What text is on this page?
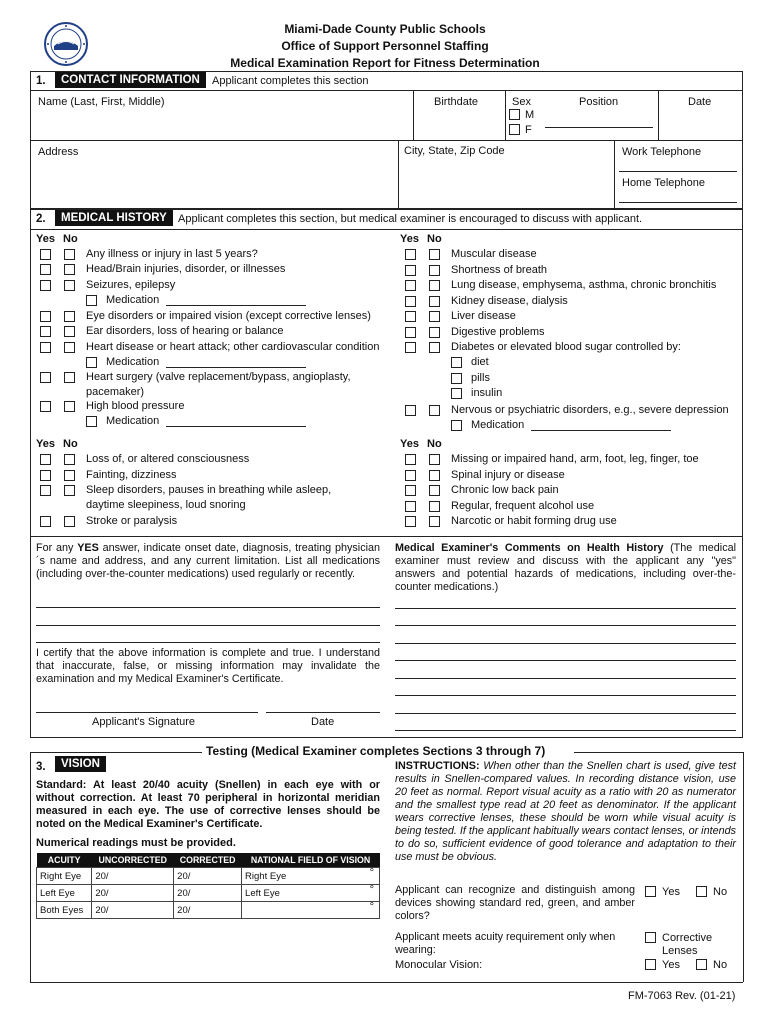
Miami-Dade County Public Schools
Office of Support Personnel Staffing
Medical Examination Report for Fitness Determination
1.	CONTACT INFORMATION	Applicant completes this section
Name (Last, First, Middle)	Birthdate	Sex
M
F
Position	Date
Address	City, State, Zip Code	Work Telephone
Home Telephone
2.	MEDICAL HISTORY	Applicant completes this section, but medical examiner is encouraged to discuss with applicant.
Yes No	Yes No
Yes No	Yes No
For any YES answer, indicate onset date, diagnosis, treating physician´s name and address, and any current limitation. List all medications (including over-the-counter medications) used regularly or recently.
I certify that the above information is complete and true. I understand that inaccurate, false, or missing information may invalidate the examination and my Medical Examiner's Certificate.
Applicant's Signature	Date
Medical Examiner's Comments on Health History (The medical examiner must review and discuss with the applicant any "yes" answers and potential hazards of medications, including over-the-counter medications.)
Testing (Medical Examiner completes Sections 3 through 7)
3.	VISION
Standard: At least 20/40 acuity (Snellen) in each eye with or without correction. At least 70 peripheral in horizontal meridian measured in each eye. The use of corrective lenses should be noted on the Medical Examiner's Certificate.
Numerical readings must be provided.
ACUITY	UNCORRECTED	CORRECTED	NATIONAL FIELD OF VISION
Right Eye	20/	20/	Right Eye °

Left Eye	20/	20/	Left Eye °

Both Eyes	20/	20/	°
INSTRUCTIONS: When other than the Snellen chart is used, give test results in Snellen-compared values. In recording distance vision, use 20 feet as normal. Report visual acuity as a ratio with 20 as numerator and the smallest type read at 20 feet as denominator. If the applicant wears corrective lenses, these should be worn while visual acuity is being tested. If the applicant habitually wears contact lenses, or intends to do so, sufficient evidence of good tolerance and adaptation to their use must be obvious.
Applicant can recognize and distinguish among devices showing standard red, green, and amber colors?
Yes	No
Applicant meets acuity requirement only when wearing:
Corrective
Lenses
Monocular Vision:	Yes	No
FM-7063 Rev. (01-21)
Any illness or injury in last 5 years?
Head/Brain injuries, disorder, or illnesses
Seizures, epilepsy
Medication
Eye disorders or impaired vision (except corrective lenses)
Ear disorders, loss of hearing or balance
Heart disease or heart attack; other cardiovascular condition
Medication
Heart surgery (valve replacement/bypass, angioplasty,
pacemaker)
High blood pressure
Medication
Muscular disease
Shortness of breath
Lung disease, emphysema, asthma, chronic bronchitis
Kidney disease, dialysis
Liver disease
Digestive problems
Diabetes or elevated blood sugar controlled by:
diet
pills
insulin
Nervous or psychiatric disorders, e.g., severe depression
Medication
Loss of, or altered consciousness
Fainting, dizziness
Sleep disorders, pauses in breathing while asleep,
daytime sleepiness, loud snoring
Stroke or paralysis
Missing or impaired hand, arm, foot, leg, finger, toe
Spinal injury or disease
Chronic low back pain
Regular, frequent alcohol use
Narcotic or habit forming drug use
